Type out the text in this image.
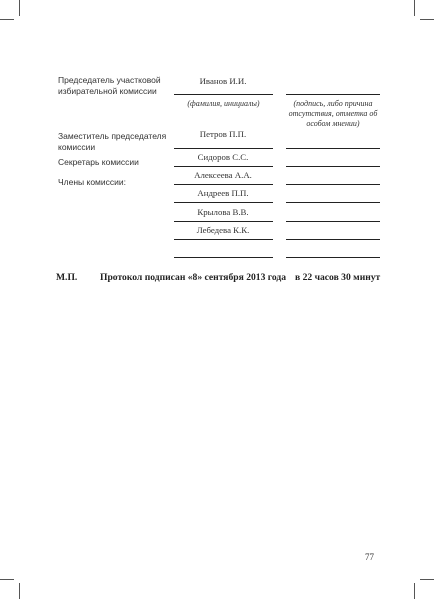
Председатель участковой избирательной комиссии
Заместитель председателя комиссии
Секретарь комиссии
Члены комиссии:
Иванов И.И.
(фамилия, инициалы)	(подпись, либо причина отсутствия, отметка об особом мнении)
Петров П.П.
Сидоров С.С.
Алексеева А.А.
Андреев П.П.
Крылова В.В.
Лебедева К.К.
М.П. Протокол подписан «8» сентября 2013 года в 22 часов 30 минут
77
